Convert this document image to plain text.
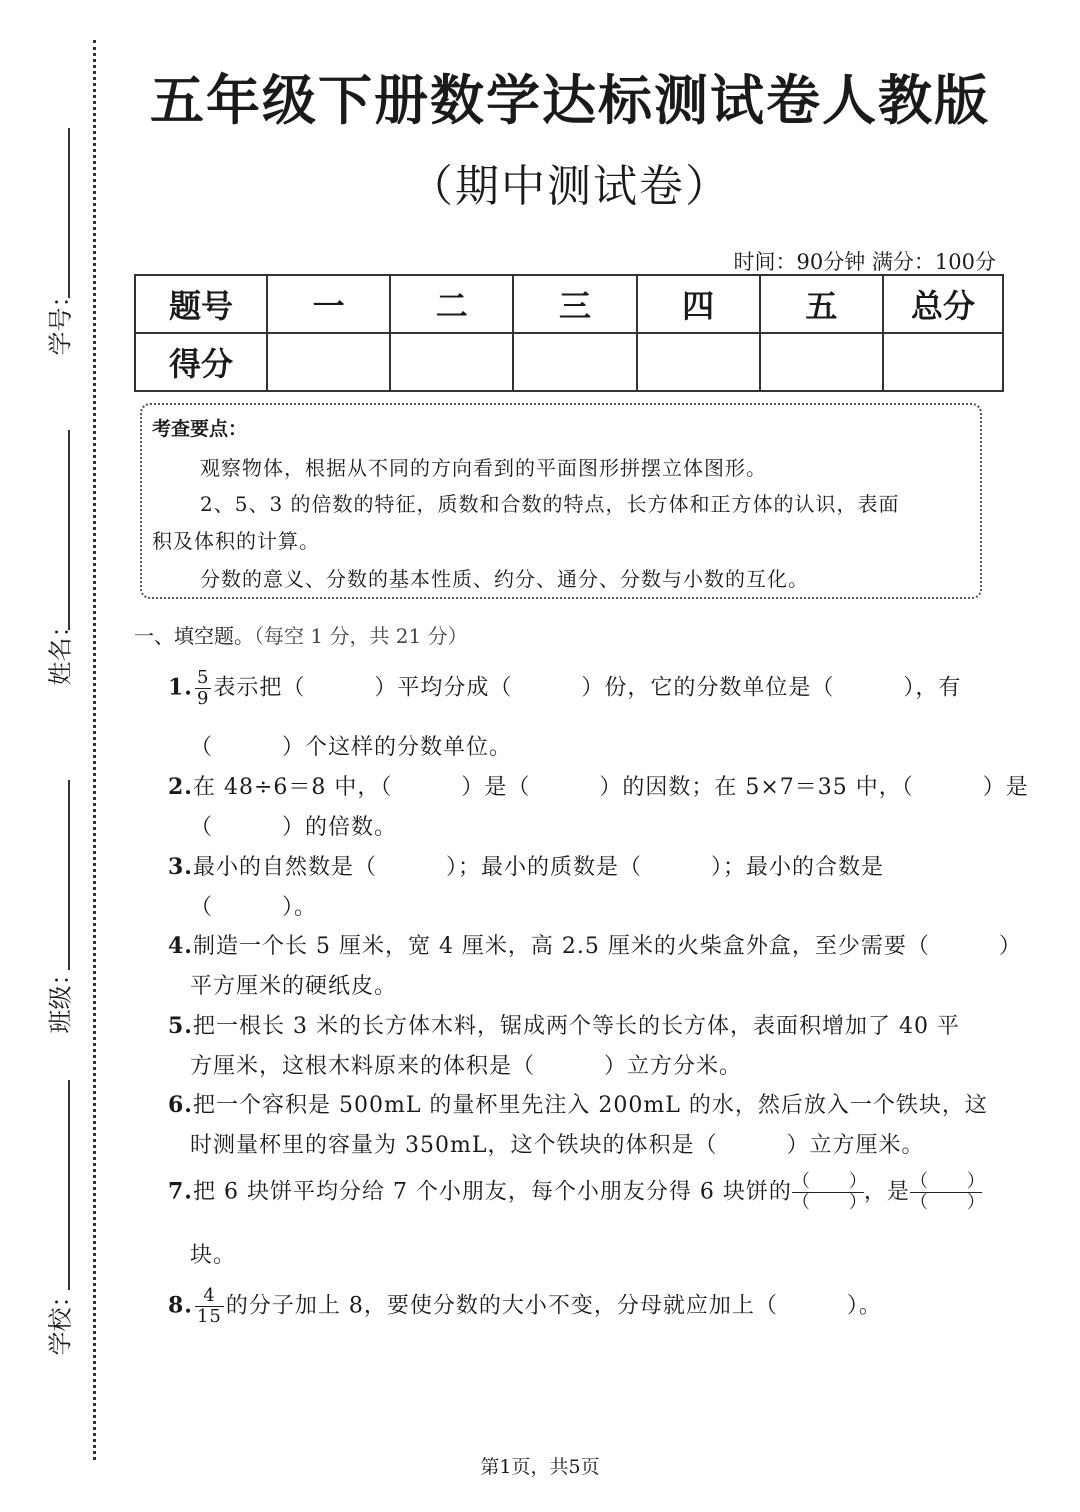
学号：
姓名：
班级：
学校：
五年级下册数学达标测试卷人教版
（期中测试卷）
时间：90分钟 满分：100分
题号	一	二	三	四	五	总分
得分						
考查要点：
观察物体，根据从不同的方向看到的平面图形拼摆立体图形。
2、5、3 的倍数的特征，质数和合数的特点，长方体和正方体的认识，表面
积及体积的计算。
分数的意义、分数的基本性质、约分、通分、分数与小数的互化。
一、填空题。（每空 1 分，共 21 分）
1. $\frac{5}{9}$ 表示把（　　　）平均分成（　　　）份，它的分数单位是（　　　），有
（　　　）个这样的分数单位。
2.在 48÷6＝8 中，（　　　）是（　　　）的因数；在 5×7＝35 中，（　　　）是
（　　　）的倍数。
3.最小的自然数是（　　　）；最小的质数是（　　　）；最小的合数是
（　　　）。
4.制造一个长 5 厘米，宽 4 厘米，高 2.5 厘米的火柴盒外盒，至少需要（　　　）
平方厘米的硬纸皮。
5.把一根长 3 米的长方体木料，锯成两个等长的长方体，表面积增加了 40 平
方厘米，这根木料原来的体积是（　　　）立方分米。
6.把一个容积是 500mL 的量杯里先注入 200mL 的水，然后放入一个铁块，这
时测量杯里的容量为 350mL，这个铁块的体积是（　　　）立方厘米。
7.把 6 块饼平均分给 7 个小朋友，每个小朋友分得 6 块饼的 $\frac{( )}{( )}$，是 $\frac{( )}{( )}$
块。
8. $\frac{4}{15}$ 的分子加上 8，要使分数的大小不变，分母就应加上（　　　）。
第1页，共5页
